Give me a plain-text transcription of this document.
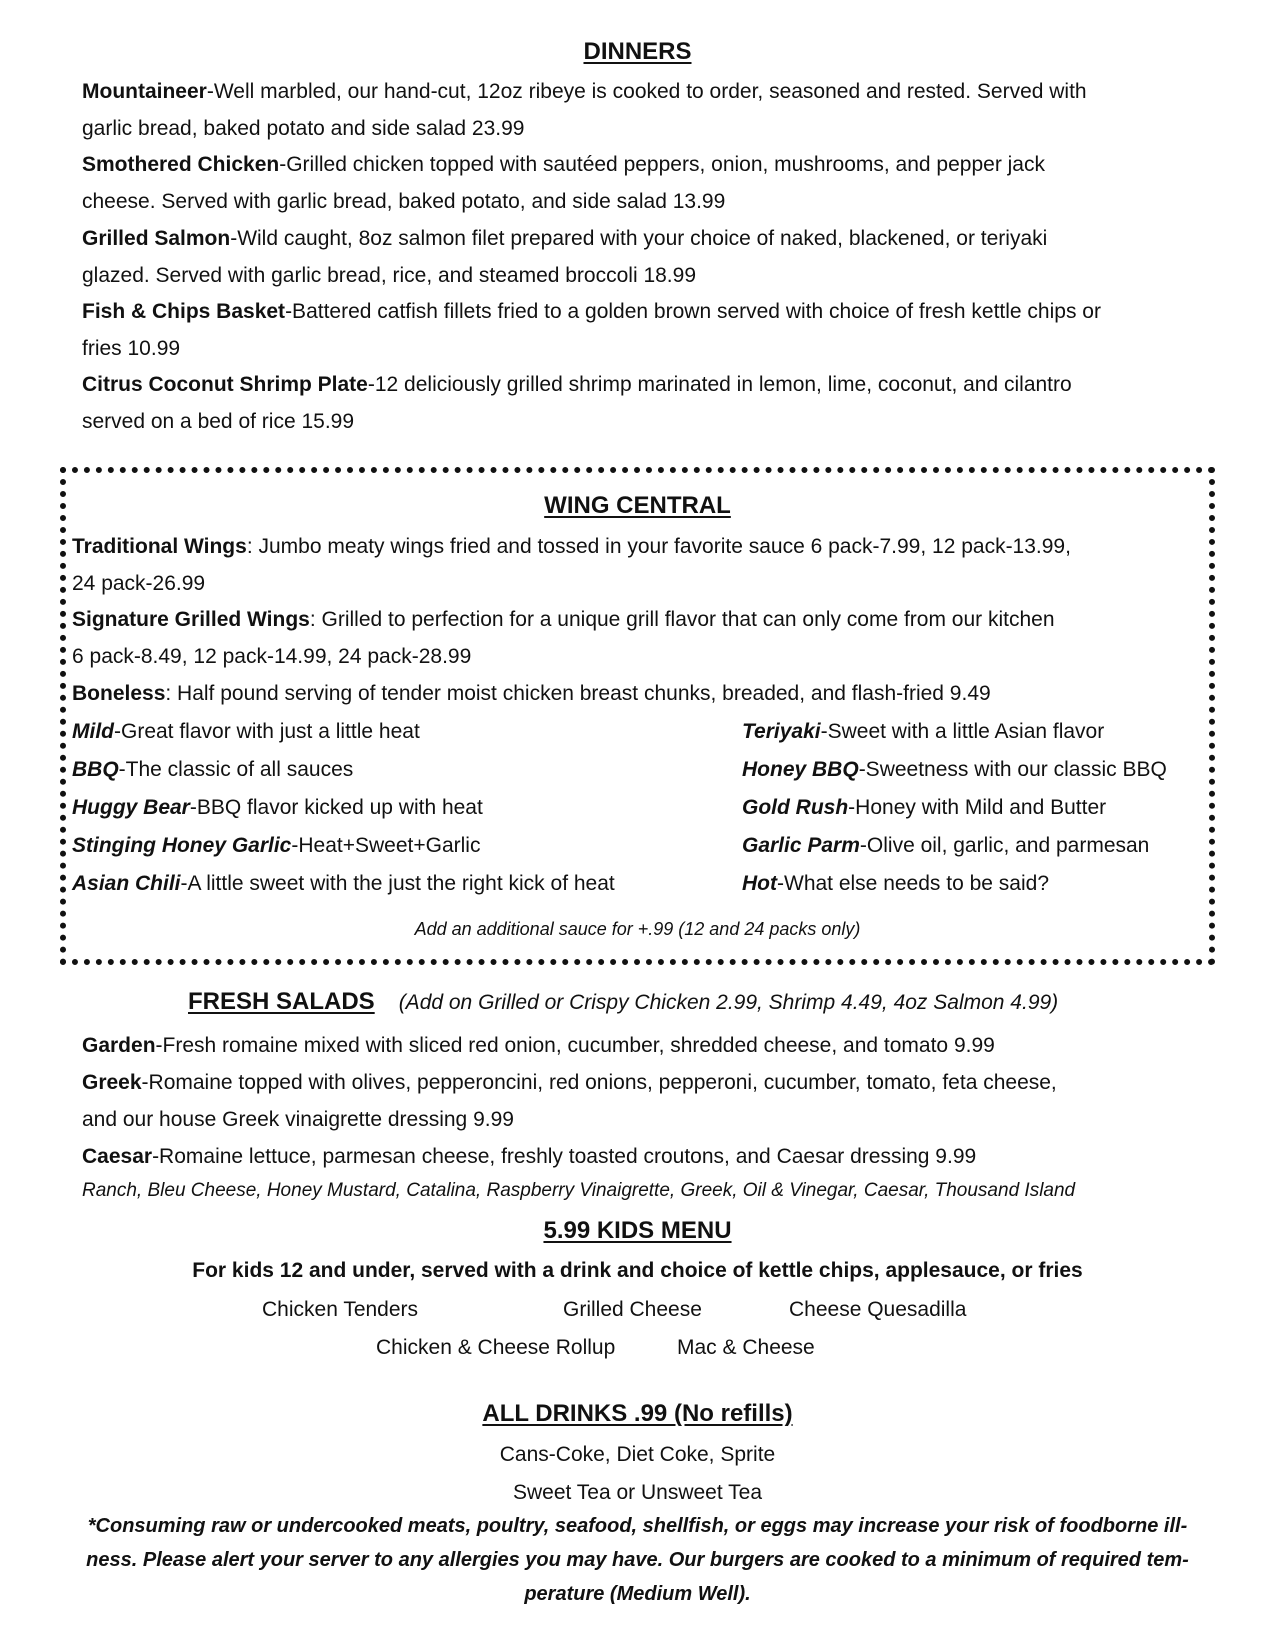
DINNERS
Mountaineer-Well marbled, our hand-cut, 12oz ribeye is cooked to order, seasoned and rested. Served with
garlic bread, baked potato and side salad 23.99
Smothered Chicken-Grilled chicken topped with sautéed peppers, onion, mushrooms, and pepper jack
cheese. Served with garlic bread, baked potato, and side salad 13.99
Grilled Salmon-Wild caught, 8oz salmon filet prepared with your choice of naked, blackened, or teriyaki
glazed. Served with garlic bread, rice, and steamed broccoli 18.99
Fish & Chips Basket-Battered catfish fillets fried to a golden brown served with choice of fresh kettle chips or
fries 10.99
Citrus Coconut Shrimp Plate-12 deliciously grilled shrimp marinated in lemon, lime, coconut, and cilantro
served on a bed of rice 15.99
WING CENTRAL
Traditional Wings: Jumbo meaty wings fried and tossed in your favorite sauce 6 pack-7.99, 12 pack-13.99,
24 pack-26.99
Signature Grilled Wings: Grilled to perfection for a unique grill flavor that can only come from our kitchen
6 pack-8.49, 12 pack-14.99, 24 pack-28.99
Boneless: Half pound serving of tender moist chicken breast chunks, breaded, and flash-fried 9.49
Mild-Great flavor with just a little heat
BBQ-The classic of all sauces
Huggy Bear-BBQ flavor kicked up with heat
Stinging Honey Garlic-Heat+Sweet+Garlic
Asian Chili-A little sweet with the just the right kick of heat
Teriyaki-Sweet with a little Asian flavor
Honey BBQ-Sweetness with our classic BBQ
Gold Rush-Honey with Mild and Butter
Garlic Parm-Olive oil, garlic, and parmesan
Hot-What else needs to be said?
Add an additional sauce for +.99 (12 and 24 packs only)
FRESH SALADS (Add on Grilled or Crispy Chicken 2.99, Shrimp 4.49, 4oz Salmon 4.99)
Garden-Fresh romaine mixed with sliced red onion, cucumber, shredded cheese, and tomato 9.99
Greek-Romaine topped with olives, pepperoncini, red onions, pepperoni, cucumber, tomato, feta cheese,
and our house Greek vinaigrette dressing 9.99
Caesar-Romaine lettuce, parmesan cheese, freshly toasted croutons, and Caesar dressing 9.99
Ranch, Bleu Cheese, Honey Mustard, Catalina, Raspberry Vinaigrette, Greek, Oil & Vinegar, Caesar, Thousand Island
5.99 KIDS MENU
For kids 12 and under, served with a drink and choice of kettle chips, applesauce, or fries
Chicken Tenders	Grilled Cheese	Cheese Quesadilla
Chicken & Cheese Rollup	Mac & Cheese
ALL DRINKS .99 (No refills)
Cans-Coke, Diet Coke, Sprite
Sweet Tea or Unsweet Tea
*Consuming raw or undercooked meats, poultry, seafood, shellfish, or eggs may increase your risk of foodborne ill-
ness. Please alert your server to any allergies you may have. Our burgers are cooked to a minimum of required tem-
perature (Medium Well).
